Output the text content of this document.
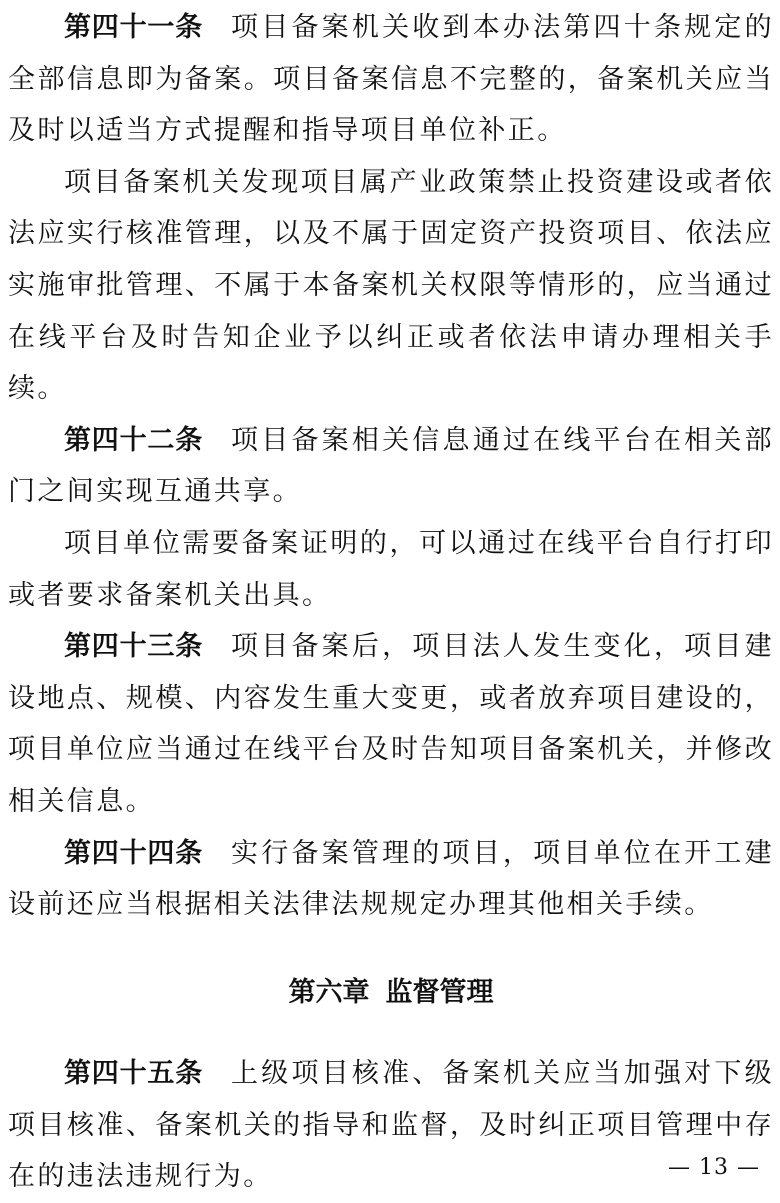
第四十一条 项目备案机关收到本办法第四十条规定的全部信息即为备案。项目备案信息不完整的，备案机关应当及时以适当方式提醒和指导项目单位补正。

项目备案机关发现项目属产业政策禁止投资建设或者依法应实行核准管理，以及不属于固定资产投资项目、依法应实施审批管理、不属于本备案机关权限等情形的，应当通过在线平台及时告知企业予以纠正或者依法申请办理相关手续。

第四十二条 项目备案相关信息通过在线平台在相关部门之间实现互通共享。

项目单位需要备案证明的，可以通过在线平台自行打印或者要求备案机关出具。

第四十三条 项目备案后，项目法人发生变化，项目建设地点、规模、内容发生重大变更，或者放弃项目建设的，项目单位应当通过在线平台及时告知项目备案机关，并修改相关信息。

第四十四条 实行备案管理的项目，项目单位在开工建设前还应当根据相关法律法规规定办理其他相关手续。

第六章 监督管理

第四十五条 上级项目核准、备案机关应当加强对下级项目核准、备案机关的指导和监督，及时纠正项目管理中存在的违法违规行为。	— 13 —
